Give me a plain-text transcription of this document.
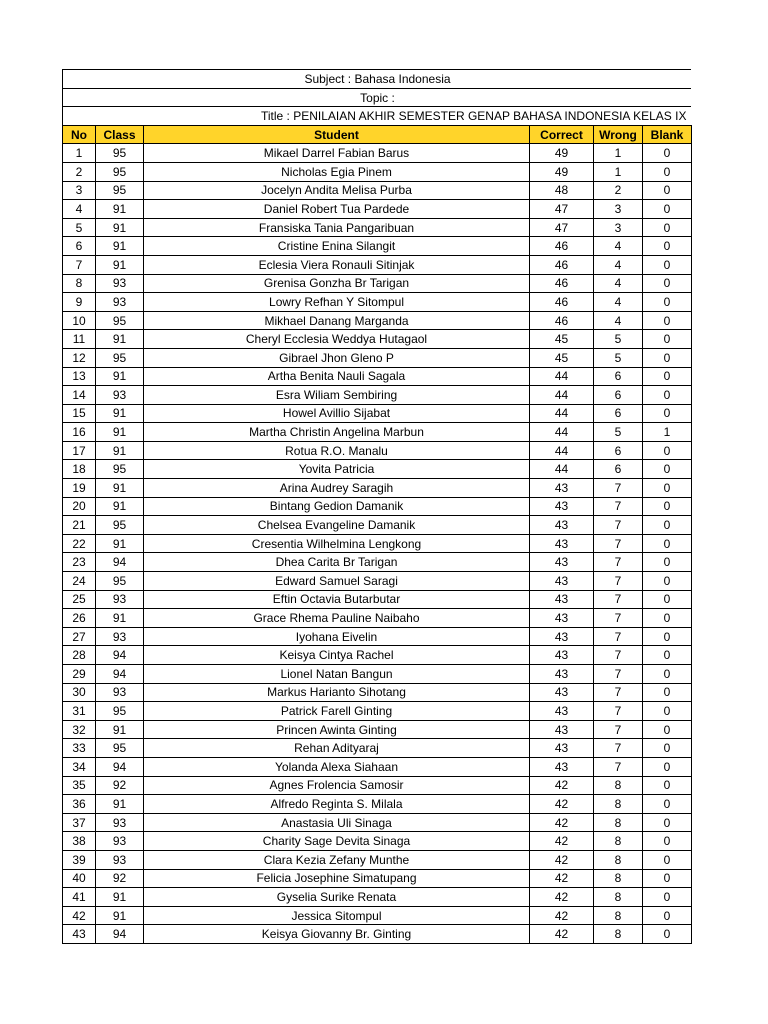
Subject : Bahasa Indonesia
Topic :
Title : PENILAIAN AKHIR SEMESTER GENAP BAHASA INDONESIA KELAS IX
No	Class	Student	Correct	Wrong	Blank
1	95	Mikael Darrel Fabian Barus	49	1	0
2	95	Nicholas Egia Pinem	49	1	0
3	95	Jocelyn Andita Melisa Purba	48	2	0
4	91	Daniel Robert Tua Pardede	47	3	0
5	91	Fransiska Tania Pangaribuan	47	3	0
6	91	Cristine Enina Silangit	46	4	0
7	91	Eclesia Viera Ronauli Sitinjak	46	4	0
8	93	Grenisa Gonzha Br Tarigan	46	4	0
9	93	Lowry Refhan Y Sitompul	46	4	0
10	95	Mikhael Danang Marganda	46	4	0
11	91	Cheryl Ecclesia Weddya Hutagaol	45	5	0
12	95	Gibrael Jhon Gleno P	45	5	0
13	91	Artha Benita Nauli Sagala	44	6	0
14	93	Esra Wiliam Sembiring	44	6	0
15	91	Howel Avillio Sijabat	44	6	0
16	91	Martha Christin Angelina Marbun	44	5	1
17	91	Rotua R.O. Manalu	44	6	0
18	95	Yovita Patricia	44	6	0
19	91	Arina Audrey Saragih	43	7	0
20	91	Bintang Gedion Damanik	43	7	0
21	95	Chelsea Evangeline Damanik	43	7	0
22	91	Cresentia Wilhelmina Lengkong	43	7	0
23	94	Dhea Carita Br Tarigan	43	7	0
24	95	Edward Samuel Saragi	43	7	0
25	93	Eftin Octavia Butarbutar	43	7	0
26	91	Grace Rhema Pauline Naibaho	43	7	0
27	93	Iyohana Eivelin	43	7	0
28	94	Keisya Cintya Rachel	43	7	0
29	94	Lionel Natan Bangun	43	7	0
30	93	Markus Harianto Sihotang	43	7	0
31	95	Patrick Farell Ginting	43	7	0
32	91	Princen Awinta Ginting	43	7	0
33	95	Rehan Adityaraj	43	7	0
34	94	Yolanda Alexa Siahaan	43	7	0
35	92	Agnes Frolencia Samosir	42	8	0
36	91	Alfredo Reginta S. Milala	42	8	0
37	93	Anastasia Uli Sinaga	42	8	0
38	93	Charity Sage Devita Sinaga	42	8	0
39	93	Clara Kezia Zefany Munthe	42	8	0
40	92	Felicia Josephine Simatupang	42	8	0
41	91	Gyselia Surike Renata	42	8	0
42	91	Jessica Sitompul	42	8	0
43	94	Keisya Giovanny Br. Ginting	42	8	0
